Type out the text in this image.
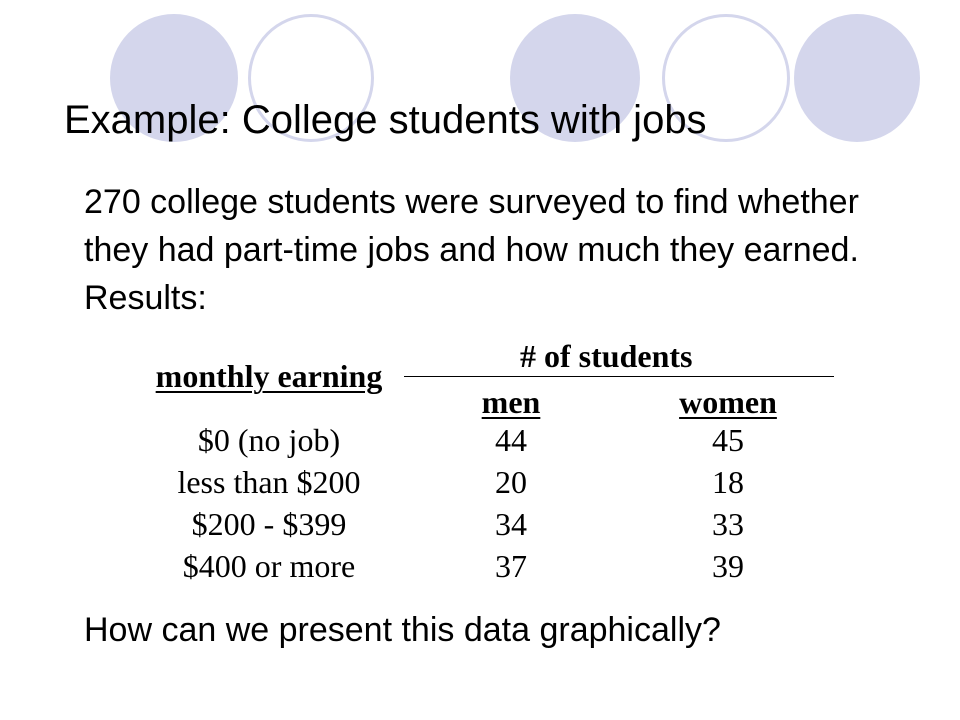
Example: College students with jobs
270 college students were surveyed to find whether they had part-time jobs and how much they earned. Results:
monthly earning
# of students
men	women
$0 (no job)	44	45
less than $200	20	18
$200 - $399	34	33
$400 or more	37	39
How can we present this data graphically?
